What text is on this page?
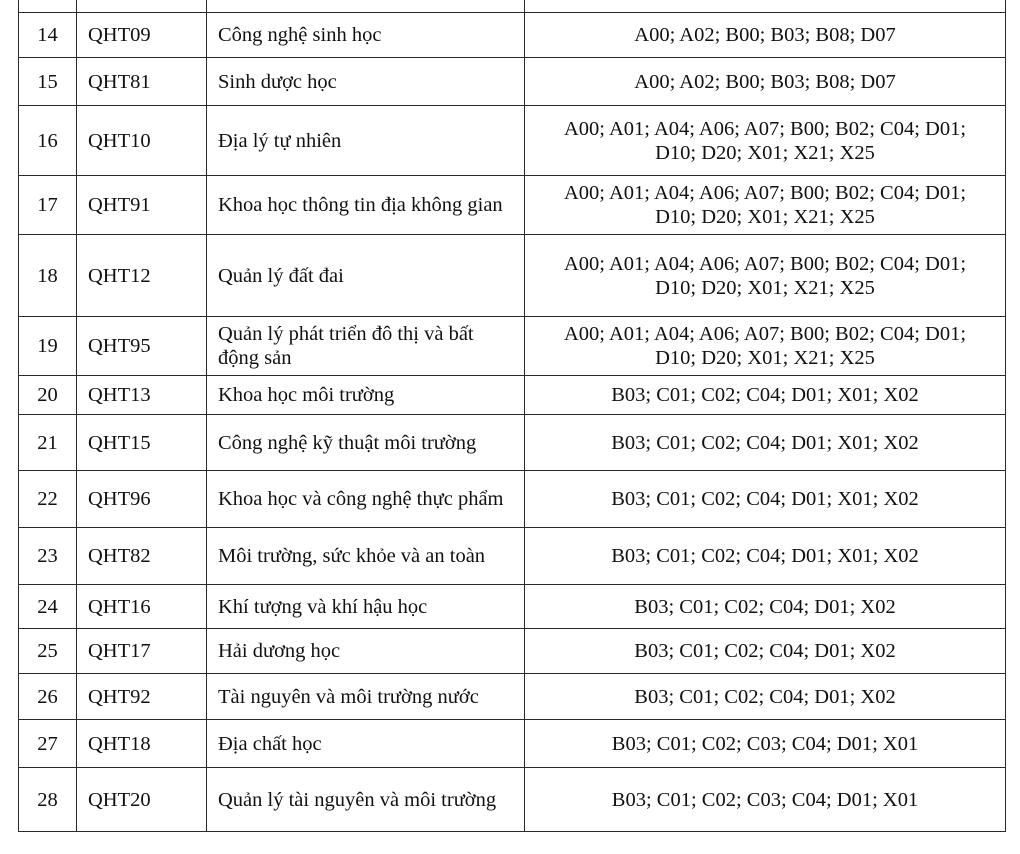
14	QHT09	Công nghệ sinh học	A00; A02; B00; B03; B08; D07

15	QHT81	Sinh dược học	A00; A02; B00; B03; B08; D07

16	QHT10	Địa lý tự nhiên	A00; A01; A04; A06; A07; B00; B02; C04; D01;
D10; D20; X01; X21; X25

17	QHT91	Khoa học thông tin địa không gian	A00; A01; A04; A06; A07; B00; B02; C04; D01;
D10; D20; X01; X21; X25

18	QHT12	Quản lý đất đai	A00; A01; A04; A06; A07; B00; B02; C04; D01;
D10; D20; X01; X21; X25

19	QHT95	Quản lý phát triển đô thị và bất động sản	A00; A01; A04; A06; A07; B00; B02; C04; D01;
D10; D20; X01; X21; X25

20	QHT13	Khoa học môi trường	B03; C01; C02; C04; D01; X01; X02

21	QHT15	Công nghệ kỹ thuật môi trường	B03; C01; C02; C04; D01; X01; X02

22	QHT96	Khoa học và công nghệ thực phẩm	B03; C01; C02; C04; D01; X01; X02

23	QHT82	Môi trường, sức khỏe và an toàn	B03; C01; C02; C04; D01; X01; X02

24	QHT16	Khí tượng và khí hậu học	B03; C01; C02; C04; D01; X02

25	QHT17	Hải dương học	B03; C01; C02; C04; D01; X02

26	QHT92	Tài nguyên và môi trường nước	B03; C01; C02; C04; D01; X02

27	QHT18	Địa chất học	B03; C01; C02; C03; C04; D01; X01

28	QHT20	Quản lý tài nguyên và môi trường	B03; C01; C02; C03; C04; D01; X01
